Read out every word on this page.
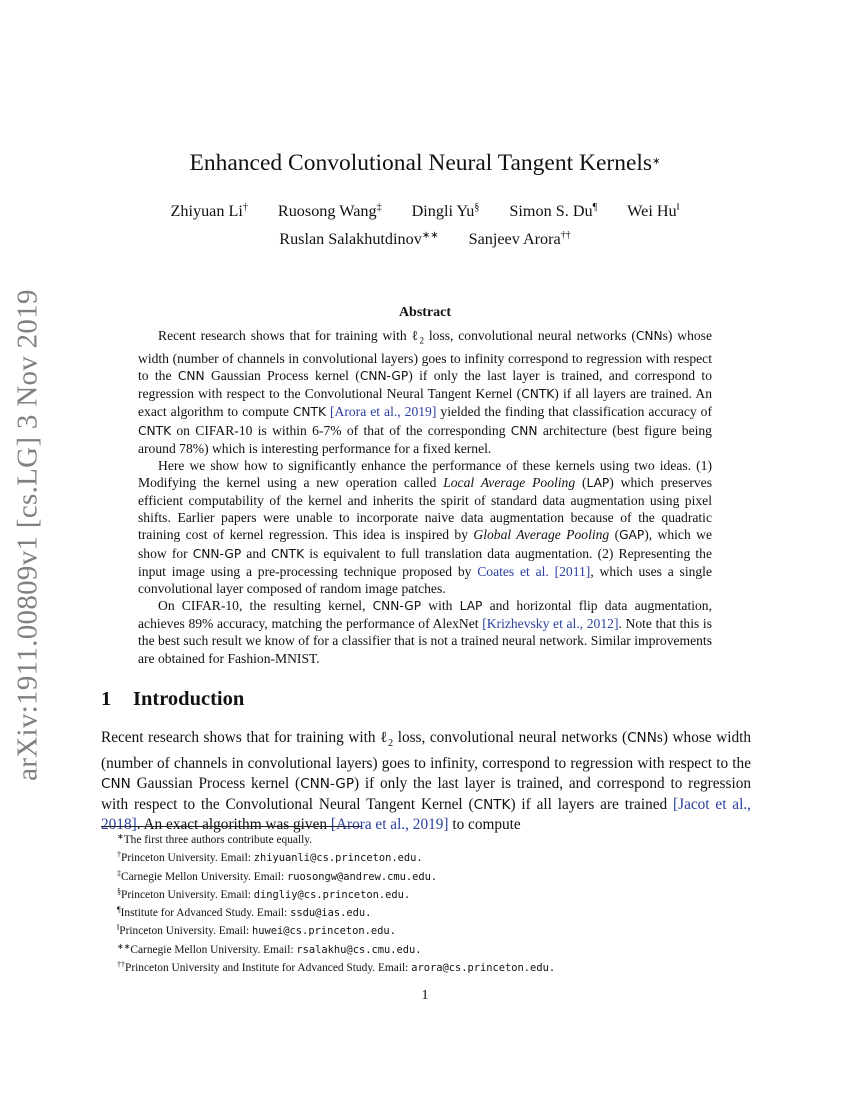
arXiv:1911.00809v1 [cs.LG] 3 Nov 2019
Enhanced Convolutional Neural Tangent Kernels∗
Zhiyuan Li† Ruosong Wang‡ Dingli Yu§ Simon S. Du¶ Wei Hu‖
Ruslan Salakhutdinov∗∗ Sanjeev Arora††
Abstract

Recent research shows that for training with ℓ$_2$ loss, convolutional neural networks (CNNs) whose width (number of channels in convolutional layers) goes to infinity correspond to regression with respect to the CNN Gaussian Process kernel (CNN-GP) if only the last layer is trained, and correspond to regression with respect to the Convolutional Neural Tangent Kernel (CNTK) if all layers are trained. An exact algorithm to compute CNTK [Arora et al., 2019] yielded the finding that classification accuracy of CNTK on CIFAR-10 is within 6-7% of that of the corresponding CNN architecture (best figure being around 78%) which is interesting performance for a fixed kernel.

Here we show how to significantly enhance the performance of these kernels using two ideas. (1) Modifying the kernel using a new operation called Local Average Pooling (LAP) which preserves efficient computability of the kernel and inherits the spirit of standard data augmentation using pixel shifts. Earlier papers were unable to incorporate naive data augmentation because of the quadratic training cost of kernel regression. This idea is inspired by Global Average Pooling (GAP), which we show for CNN-GP and CNTK is equivalent to full translation data augmentation. (2) Representing the input image using a pre-processing technique proposed by Coates et al. [2011], which uses a single convolutional layer composed of random image patches.

On CIFAR-10, the resulting kernel, CNN-GP with LAP and horizontal flip data augmentation, achieves 89% accuracy, matching the performance of AlexNet [Krizhevsky et al., 2012]. Note that this is the best such result we know of for a classifier that is not a trained neural network. Similar improvements are obtained for Fashion-MNIST.

1 Introduction

Recent research shows that for training with ℓ$_2$ loss, convolutional neural networks (CNNs) whose width (number of channels in convolutional layers) goes to infinity, correspond to regression with respect to the CNN Gaussian Process kernel (CNN-GP) if only the last layer is trained, and correspond to regression with respect to the Convolutional Neural Tangent Kernel (CNTK) if all layers are trained [Jacot et al., 2018]. An exact algorithm was given [Arora et al., 2019] to compute

∗The first three authors contribute equally.
†Princeton University. Email: zhiyuanli@cs.princeton.edu.
‡Carnegie Mellon University. Email: ruosongw@andrew.cmu.edu.
§Princeton University. Email: dingliy@cs.princeton.edu.
¶Institute for Advanced Study. Email: ssdu@ias.edu.
‖Princeton University. Email: huwei@cs.princeton.edu.
∗∗Carnegie Mellon University. Email: rsalakhu@cs.cmu.edu.
††Princeton University and Institute for Advanced Study. Email: arora@cs.princeton.edu.
1
